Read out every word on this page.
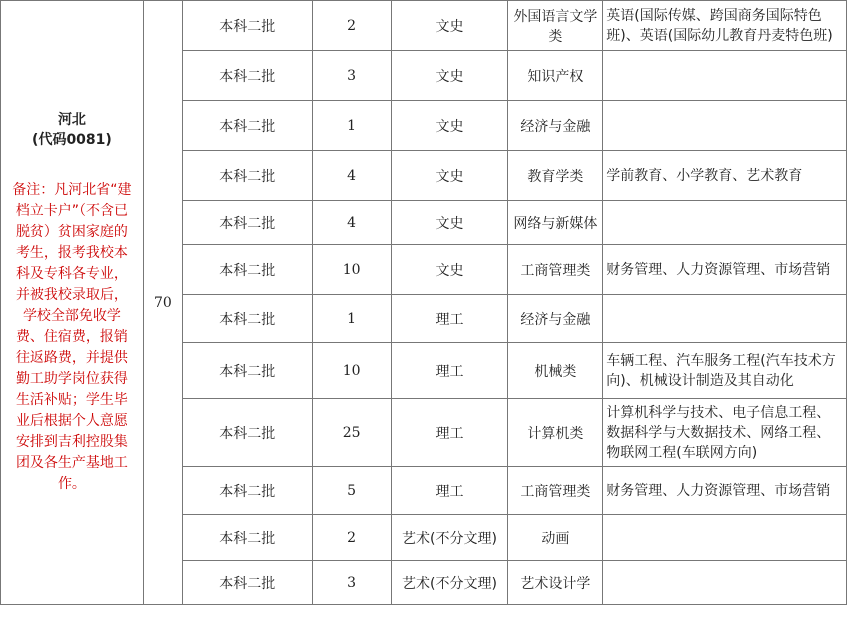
河北
(代码0081)
备注：凡河北省“建档立卡户”（不含已脱贫）贫困家庭的考生，报考我校本科及专科各专业，并被我校录取后，学校全部免收学费、住宿费，报销往返路费，并提供勤工助学岗位获得生活补贴；学生毕业后根据个人意愿安排到吉利控股集团及各生产基地工作。	70	本科二批	2	文史	外国语言文学类	英语(国际传媒、跨国商务国际特色班)、英语(国际幼儿教育丹麦特色班)
		本科二批	3	文史	知识产权	
		本科二批	1	文史	经济与金融	
		本科二批	4	文史	教育学类	学前教育、小学教育、艺术教育
		本科二批	4	文史	网络与新媒体	
		本科二批	10	文史	工商管理类	财务管理、人力资源管理、市场营销
		本科二批	1	理工	经济与金融	
		本科二批	10	理工	机械类	车辆工程、汽车服务工程(汽车技术方向)、机械设计制造及其自动化
		本科二批	25	理工	计算机类	计算机科学与技术、电子信息工程、数据科学与大数据技术、网络工程、物联网工程(车联网方向)
		本科二批	5	理工	工商管理类	财务管理、人力资源管理、市场营销
		本科二批	2	艺术(不分文理)	动画	
		本科二批	3	艺术(不分文理)	艺术设计学	
